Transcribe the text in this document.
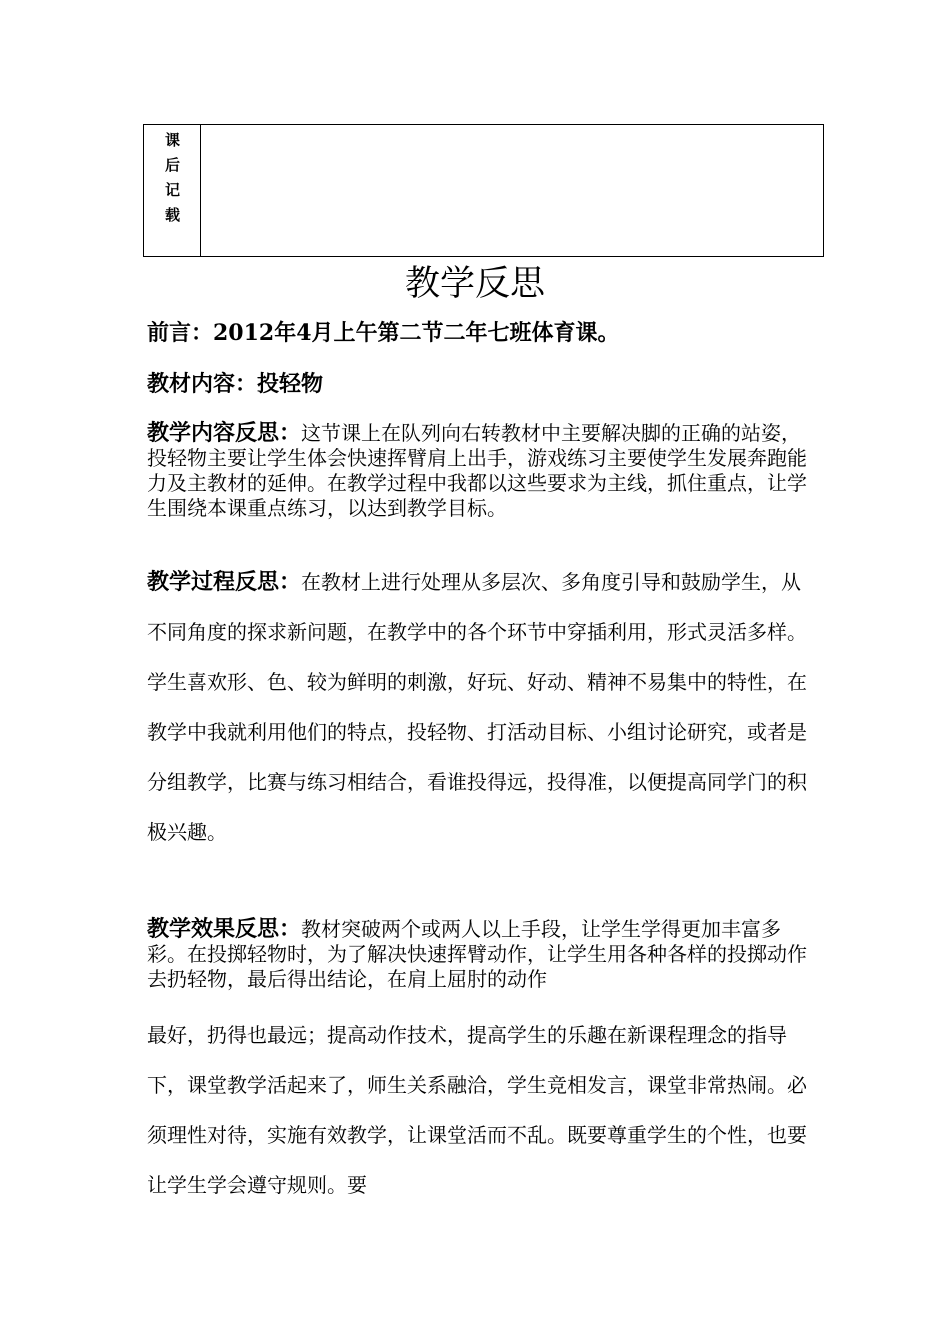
课
后
记
载
教学反思
前言：2012年4月上午第二节二年七班体育课。
教材内容：投轻物
教学内容反思：这节课上在队列向右转教材中主要解决脚的正确的站姿，投轻物主要让学生体会快速挥臂肩上出手，游戏练习主要使学生发展奔跑能力及主教材的延伸。在教学过程中我都以这些要求为主线，抓住重点，让学生围绕本课重点练习，以达到教学目标。
教学过程反思：在教材上进行处理从多层次、多角度引导和鼓励学生，从不同角度的探求新问题，在教学中的各个环节中穿插利用，形式灵活多样。学生喜欢形、色、较为鲜明的刺激，好玩、好动、精神不易集中的特性，在教学中我就利用他们的特点，投轻物、打活动目标、小组讨论研究，或者是分组教学，比赛与练习相结合，看谁投得远，投得准，以便提高同学门的积极兴趣。
教学效果反思：教材突破两个或两人以上手段，让学生学得更加丰富多彩。在投掷轻物时，为了解决快速挥臂动作，让学生用各种各样的投掷动作去扔轻物，最后得出结论，在肩上屈肘的动作
最好，扔得也最远；提高动作技术，提高学生的乐趣在新课程理念的指导下，课堂教学活起来了，师生关系融洽，学生竞相发言，课堂非常热闹。必须理性对待，实施有效教学，让课堂活而不乱。既要尊重学生的个性，也要让学生学会遵守规则。要
